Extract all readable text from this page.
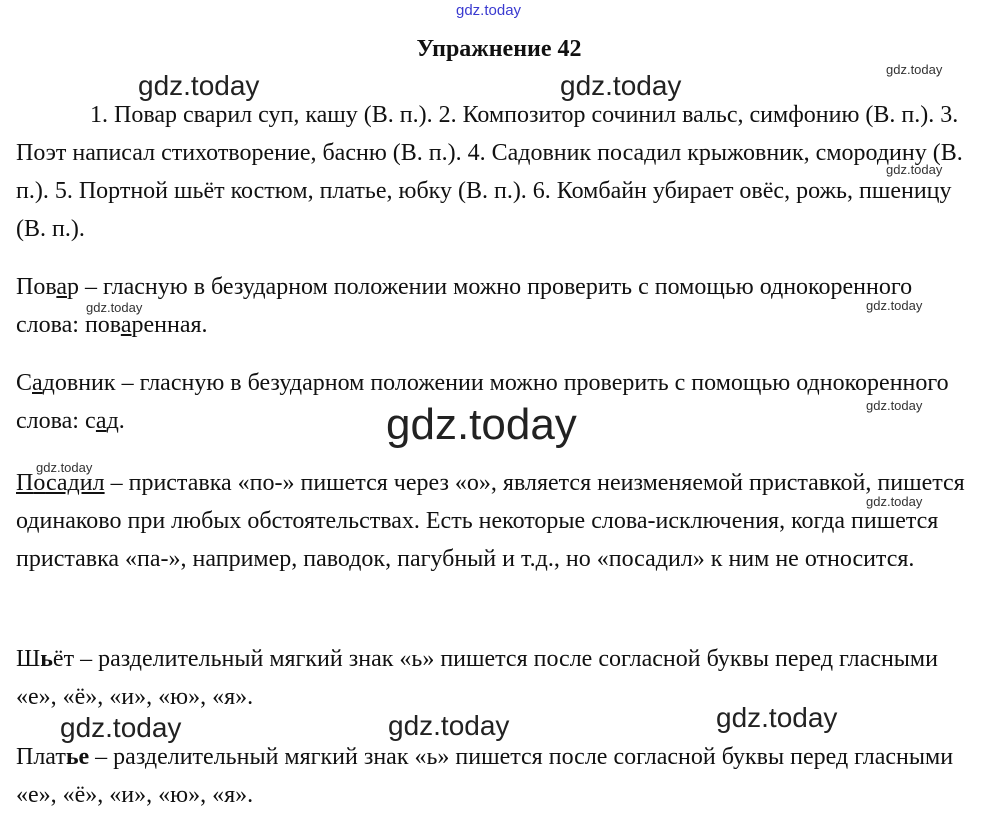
gdz.today
gdz.today	gdz.today
gdz.today
gdz.today
gdz.today	gdz.today
gdz.today
gdz.today
gdz.today
gdz.today
gdz.today	gdz.today	gdz.today
Упражнение 42

1. Повар сварил суп, кашу (В. п.). 2. Композитор сочинил вальс, симфонию (В. п.). 3. Поэт написал стихотворение, басню (В. п.). 4. Садовник посадил крыжовник, смородину (В. п.). 5. Портной шьёт костюм, платье, юбку (В. п.). 6. Комбайн убирает овёс, рожь, пшеницу (В. п.).

Повар – гласную в безударном положении можно проверить с помощью однокоренного слова: поваренная.

Садовник – гласную в безударном положении можно проверить с помощью однокоренного слова: сад.

Посадил – приставка «по-» пишется через «о», является неизменяемой приставкой, пишется одинаково при любых обстоятельствах. Есть некоторые слова-исключения, когда пишется приставка «па-», например, паводок, пагубный и т.д., но «посадил» к ним не относится.

Шьёт – разделительный мягкий знак «ь» пишется после согласной буквы перед гласными «е», «ё», «и», «ю», «я».

Платье – разделительный мягкий знак «ь» пишется после согласной буквы перед гласными «е», «ё», «и», «ю», «я».
